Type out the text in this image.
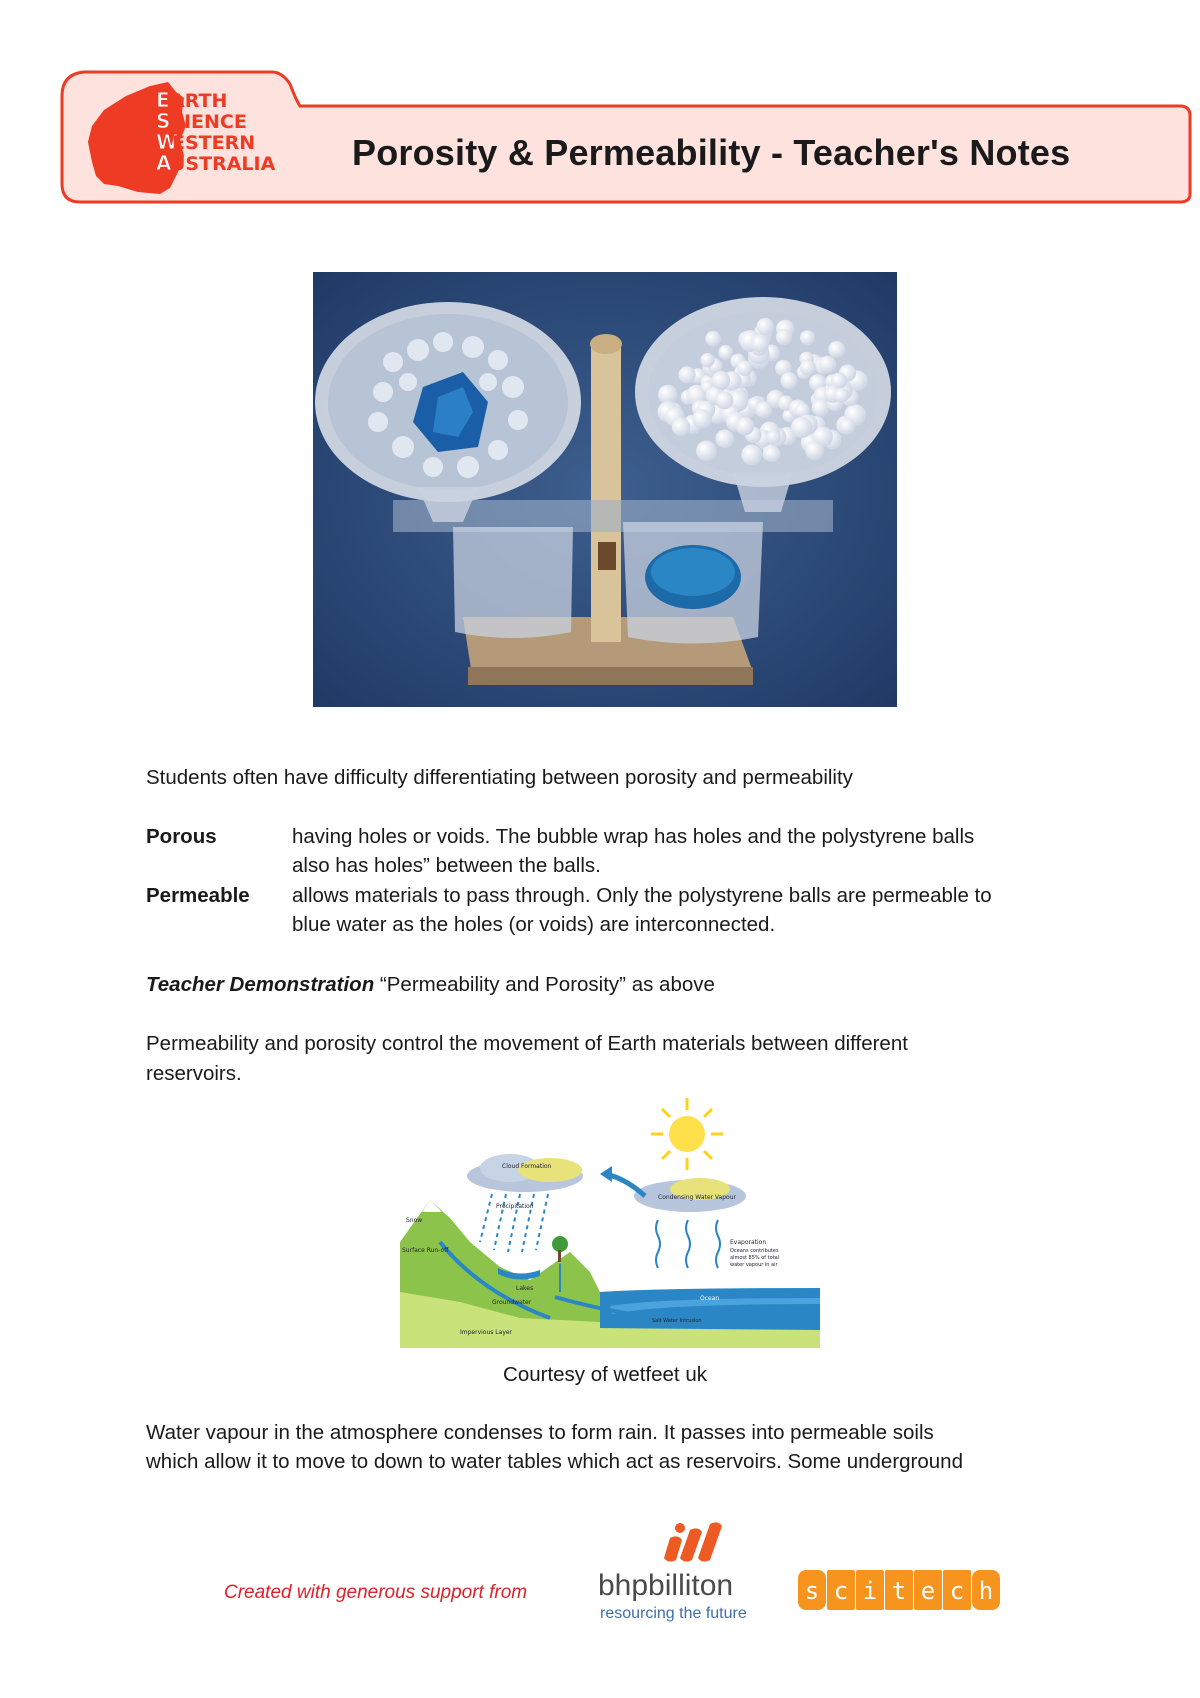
E ARTH
S CIENCE
W
ESTERN
A
USTRALIA Porosity & Permeability - Teacher's Notes
Students often have difficulty differentiating between porosity and permeability
Porous	having holes or voids. The bubble wrap has holes and the polystyrene balls
also has holes” between the balls.
Permeable allows materials to pass through. Only the polystyrene balls are permeable to
blue water as the holes (or voids) are interconnected.
Teacher Demonstration “Permeability and Porosity” as above
Permeability and porosity control the movement of Earth materials between different
reservoirs.
Cloud Formation
Condensing Water Vapour
Precipitation
Evaporation
Oceans contributes
almost 85% of total
water vapour in air
Lakes
Ocean
Salt Water Intrusion
Snow
Surface Run-off
Groundwater
Impervious Layer
Courtesy of wetfeet uk
Water vapour in the atmosphere condenses to form rain. It passes into permeable soils
which allow it to move to down to water tables which act as reservoirs. Some underground
Created with generous support from bhpbilliton
resourcing the future
s c i t e c h
